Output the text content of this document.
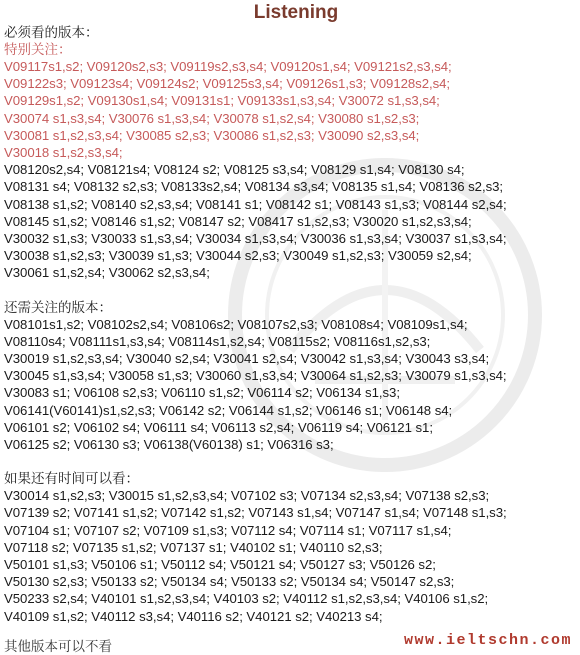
Listening
必须看的版本：
特别关注：
V09117s1,s2; V09120s2,s3; V09119s2,s3,s4; V09120s1,s4; V09121s2,s3,s4;
V09122s3; V09123s4; V09124s2; V09125s3,s4; V09126s1,s3; V09128s2,s4;
V09129s1,s2; V09130s1,s4; V09131s1; V09133s1,s3,s4; V30072 s1,s3,s4;
V30074 s1,s3,s4; V30076 s1,s3,s4; V30078 s1,s2,s4; V30080 s1,s2,s3;
V30081 s1,s2,s3,s4; V30085 s2,s3; V30086 s1,s2,s3; V30090 s2,s3,s4;
V30018 s1,s2,s3,s4;
V08120s2,s4; V08121s4; V08124 s2; V08125 s3,s4; V08129 s1,s4; V08130 s4;
V08131 s4; V08132 s2,s3; V08133s2,s4; V08134 s3,s4; V08135 s1,s4; V08136 s2,s3;
V08138 s1,s2; V08140 s2,s3,s4; V08141 s1; V08142 s1; V08143 s1,s3; V08144 s2,s4;
V08145 s1,s2; V08146 s1,s2; V08147 s2; V08417 s1,s2,s3; V30020 s1,s2,s3,s4;
V30032 s1,s3; V30033 s1,s3,s4; V30034 s1,s3,s4; V30036 s1,s3,s4; V30037 s1,s3,s4;
V30038 s1,s2,s3; V30039 s1,s3; V30044 s2,s3; V30049 s1,s2,s3; V30059 s2,s4;
V30061 s1,s2,s4; V30062 s2,s3,s4;
还需关注的版本：
V08101s1,s2; V08102s2,s4; V08106s2; V08107s2,s3; V08108s4; V08109s1,s4;
V08110s4; V08111s1,s3,s4; V08114s1,s2,s4; V08115s2; V08116s1,s2,s3;
V30019 s1,s2,s3,s4; V30040 s2,s4; V30041 s2,s4; V30042 s1,s3,s4; V30043 s3,s4;
V30045 s1,s3,s4; V30058 s1,s3; V30060 s1,s3,s4; V30064 s1,s2,s3; V30079 s1,s3,s4;
V30083 s1; V06108 s2,s3; V06110 s1,s2; V06114 s2; V06134 s1,s3;
V06141(V60141)s1,s2,s3; V06142 s2; V06144 s1,s2; V06146 s1; V06148 s4;
V06101 s2; V06102 s4; V06111 s4; V06113 s2,s4; V06119 s4; V06121 s1;
V06125 s2; V06130 s3; V06138(V60138) s1; V06316 s3;
如果还有时间可以看：
V30014 s1,s2,s3; V30015 s1,s2,s3,s4; V07102 s3; V07134 s2,s3,s4; V07138 s2,s3;
V07139 s2; V07141 s1,s2; V07142 s1,s2; V07143 s1,s4; V07147 s1,s4; V07148 s1,s3;
V07104 s1; V07107 s2; V07109 s1,s3; V07112 s4; V07114 s1; V07117 s1,s4;
V07118 s2; V07135 s1,s2; V07137 s1; V40102 s1; V40110 s2,s3;
V50101 s1,s3; V50106 s1; V50112 s4; V50121 s4; V50127 s3; V50126 s2;
V50130 s2,s3; V50133 s2; V50134 s4; V50133 s2; V50134 s4; V50147 s2,s3;
V50233 s2,s4; V40101 s1,s2,s3,s4; V40103 s2; V40112 s1,s2,s3,s4; V40106 s1,s2;
V40109 s1,s2; V40112 s3,s4; V40116 s2; V40121 s2; V40213 s4;
其他版本可以不看	www.ieltschn.com
